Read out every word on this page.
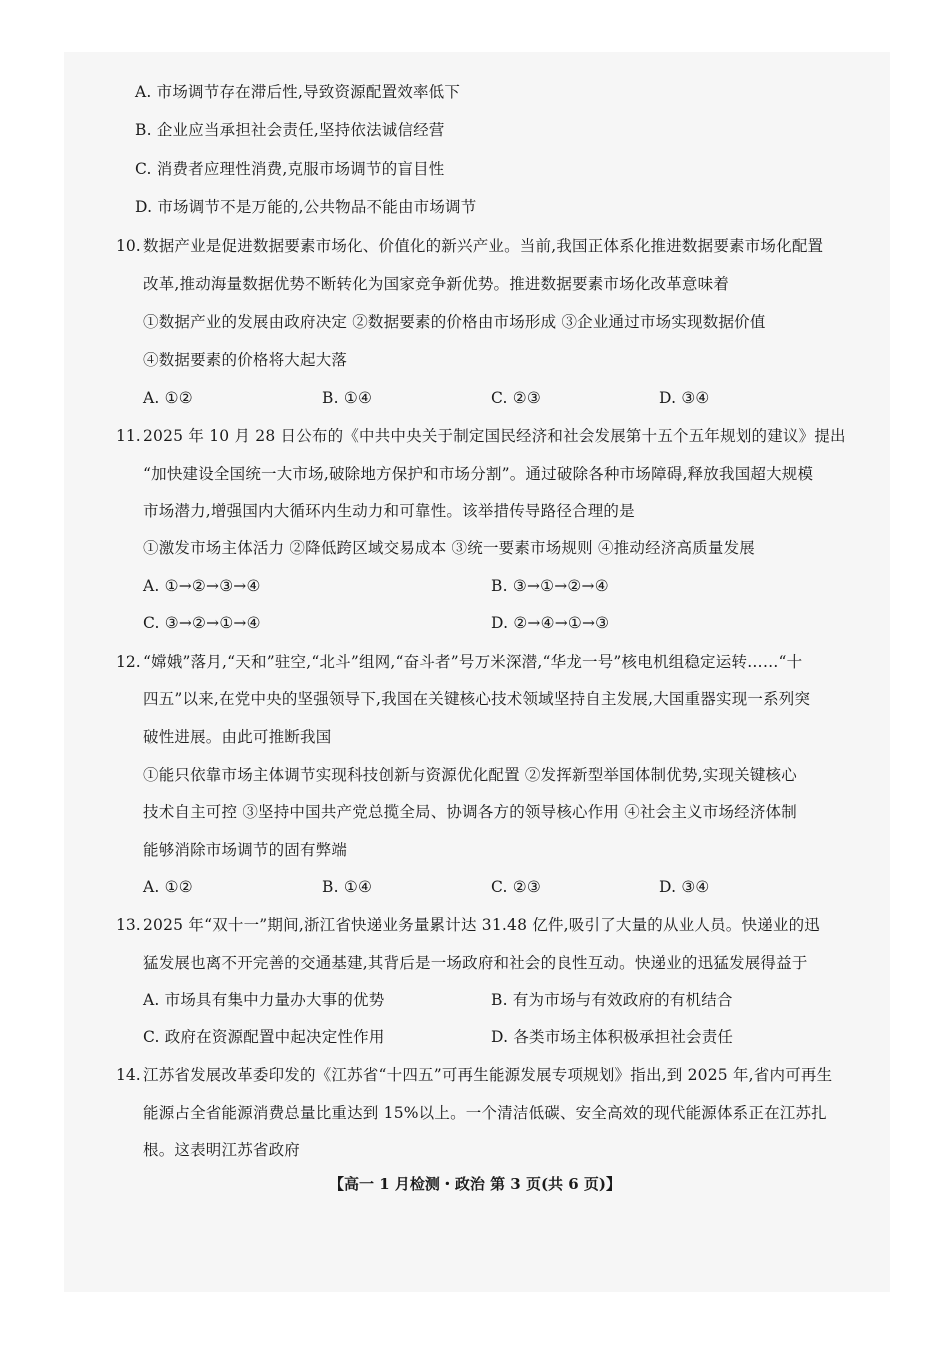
A. 市场调节存在滞后性,导致资源配置效率低下
B. 企业应当承担社会责任,坚持依法诚信经营
C. 消费者应理性消费,克服市场调节的盲目性
D. 市场调节不是万能的,公共物品不能由市场调节
10. 数据产业是促进数据要素市场化、价值化的新兴产业。当前,我国正体系化推进数据要素市场化配置
改革,推动海量数据优势不断转化为国家竞争新优势。推进数据要素市场化改革意味着
①数据产业的发展由政府决定 ②数据要素的价格由市场形成 ③企业通过市场实现数据价值
④数据要素的价格将大起大落
A. ①②	B. ①④	C. ②③	D. ③④
11. 2025 年 10 月 28 日公布的《中共中央关于制定国民经济和社会发展第十五个五年规划的建议》提出
“加快建设全国统一大市场,破除地方保护和市场分割”。通过破除各种市场障碍,释放我国超大规模
市场潜力,增强国内大循环内生动力和可靠性。该举措传导路径合理的是
①激发市场主体活力 ②降低跨区域交易成本 ③统一要素市场规则 ④推动经济高质量发展
A. ①→②→③→④	B. ③→①→②→④
C. ③→②→①→④	D. ②→④→①→③
12. “嫦娥”落月,“天和”驻空,“北斗”组网,“奋斗者”号万米深潜,“华龙一号”核电机组稳定运转……“十
四五”以来,在党中央的坚强领导下,我国在关键核心技术领域坚持自主发展,大国重器实现一系列突
破性进展。由此可推断我国
①能只依靠市场主体调节实现科技创新与资源优化配置 ②发挥新型举国体制优势,实现关键核心
技术自主可控 ③坚持中国共产党总揽全局、协调各方的领导核心作用 ④社会主义市场经济体制
能够消除市场调节的固有弊端
A. ①②	B. ①④	C. ②③	D. ③④
13. 2025 年“双十一”期间,浙江省快递业务量累计达 31.48 亿件,吸引了大量的从业人员。快递业的迅
猛发展也离不开完善的交通基建,其背后是一场政府和社会的良性互动。快递业的迅猛发展得益于
A. 市场具有集中力量办大事的优势	B. 有为市场与有效政府的有机结合
C. 政府在资源配置中起决定性作用	D. 各类市场主体积极承担社会责任
14. 江苏省发展改革委印发的《江苏省“十四五”可再生能源发展专项规划》指出,到 2025 年,省内可再生
能源占全省能源消费总量比重达到 15%以上。一个清洁低碳、安全高效的现代能源体系正在江苏扎
根。这表明江苏省政府
【高一 1 月检测・政治 第 3 页(共 6 页)】
